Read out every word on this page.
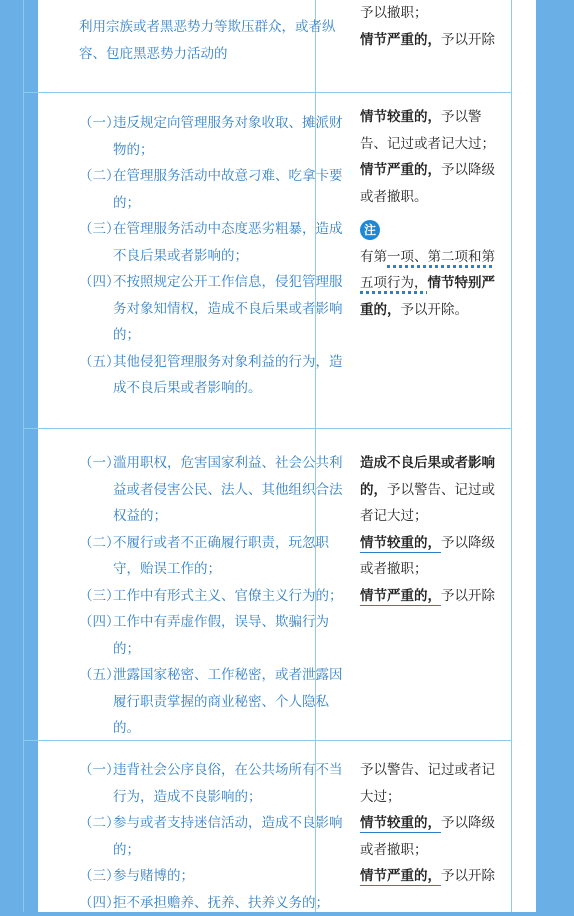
利用宗族或者黑恶势力等欺压群众，或者纵容、包庇黑恶势力活动的

予以撤职；

情节严重的，予以开除

（一）
违反规定向管理服务对象收取、摊派财物的；
（二）
在管理服务活动中故意刁难、吃拿卡要的；
（三）
在管理服务活动中态度恶劣粗暴，造成不良后果或者影响的；
（四）
不按照规定公开工作信息，侵犯管理服务对象知情权，造成不良后果或者影响的；
（五）
其他侵犯管理服务对象利益的行为，造成不良后果或者影响的。

情节较重的，予以警告、记过或者记大过；

情节严重的，予以降级或者撤职。

注

有第一项、第二项和第五项行为，情节特别严重的，予以开除。

（一）
滥用职权，危害国家利益、社会公共利益或者侵害公民、法人、其他组织合法权益的；
（二）
不履行或者不正确履行职责，玩忽职守，贻误工作的；
（三）
工作中有形式主义、官僚主义行为的；
（四）
工作中有弄虚作假，误导、欺骗行为的；
（五）
泄露国家秘密、工作秘密，或者泄露因履行职责掌握的商业秘密、个人隐私的。

造成不良后果或者影响的，予以警告、记过或者记大过；

情节较重的，予以降级或者撤职；

情节严重的，予以开除

（一）
违背社会公序良俗，在公共场所有不当行为，造成不良影响的；
（二）
参与或者支持迷信活动，造成不良影响的；
（三）
参与赌博的；
（四）
拒不承担赡养、抚养、扶养义务的；

予以警告、记过或者记大过；

情节较重的，予以降级或者撤职；

情节严重的，予以开除
